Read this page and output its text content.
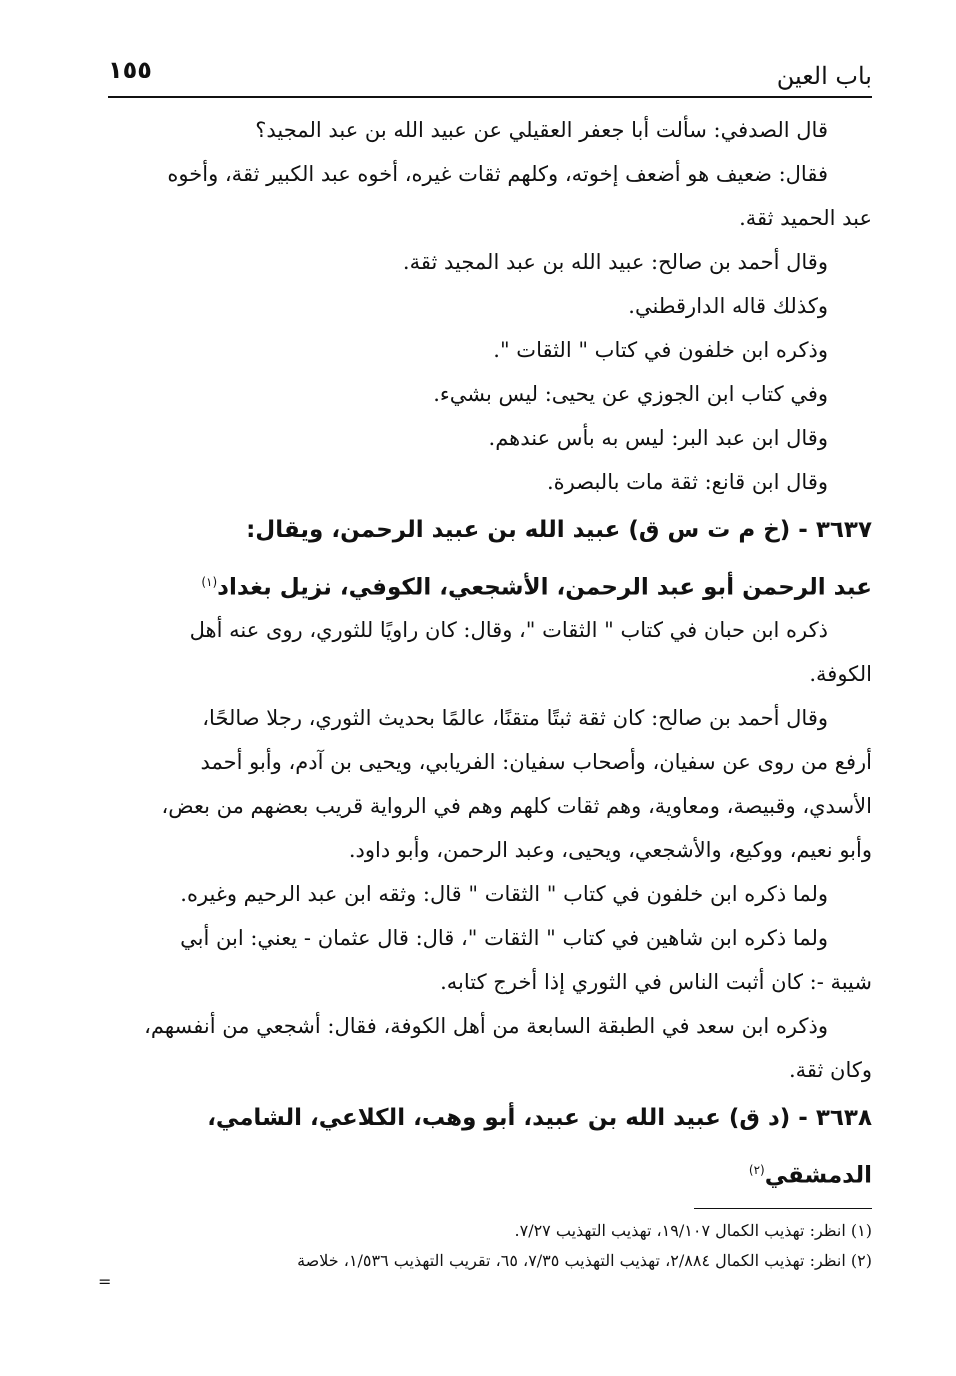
باب العين
١٥٥
قال الصدفي: سألت أبا جعفر العقيلي عن عبيد الله بن عبد المجيد؟
فقال: ضعيف هو أضعف إخوته، وكلهم ثقات غيره، أخوه عبد الكبير ثقة، وأخوه
عبد الحميد ثقة.
وقال أحمد بن صالح: عبيد الله بن عبد المجيد ثقة.
وكذلك قاله الدارقطني.
وذكره ابن خلفون في كتاب " الثقات ".
وفي كتاب ابن الجوزي عن يحيى: ليس بشيء.
وقال ابن عبد البر: ليس به بأس عندهم.
وقال ابن قانع: ثقة مات بالبصرة.
٣٦٣٧ - (خ م ت س ق) عبيد الله بن عبيد الرحمن، ويقال:
عبد الرحمن أبو عبد الرحمن، الأشجعي، الكوفي، نزيل بغداد$^{(١)}$
ذكره ابن حبان في كتاب " الثقات "، وقال: كان راويًا للثوري، روى عنه أهل
الكوفة.
وقال أحمد بن صالح: كان ثقة ثبتًا متقنًا، عالمًا بحديث الثوري، رجلا صالحًا،
أرفع من روى عن سفيان، وأصحاب سفيان: الفريابي، ويحيى بن آدم، وأبو أحمد
الأسدي، وقبيصة، ومعاوية، وهم ثقات كلهم وهم في الرواية قريب بعضهم من بعض،
وأبو نعيم، ووكيع، والأشجعي، ويحيى، وعبد الرحمن، وأبو داود.
ولما ذكره ابن خلفون في كتاب " الثقات " قال: وثقه ابن عبد الرحيم وغيره.
ولما ذكره ابن شاهين في كتاب " الثقات "، قال: قال عثمان - يعني: ابن أبي
شيبة -: كان أثبت الناس في الثوري إذا أخرج كتابه.
وذكره ابن سعد في الطبقة السابعة من أهل الكوفة، فقال: أشجعي من أنفسهم،
وكان ثقة.
٣٦٣٨ - (د ق) عبيد الله بن عبيد، أبو وهب، الكلاعي، الشامي،
الدمشقي$^{(٢)}$
(١) انظر: تهذيب الكمال ١٩/١٠٧، تهذيب التهذيب ٧/٢٧.
(٢) انظر: تهذيب الكمال ٢/٨٨٤، تهذيب التهذيب ٧/٣٥، ٦٥، تقريب التهذيب ١/٥٣٦، خلاصة
=
